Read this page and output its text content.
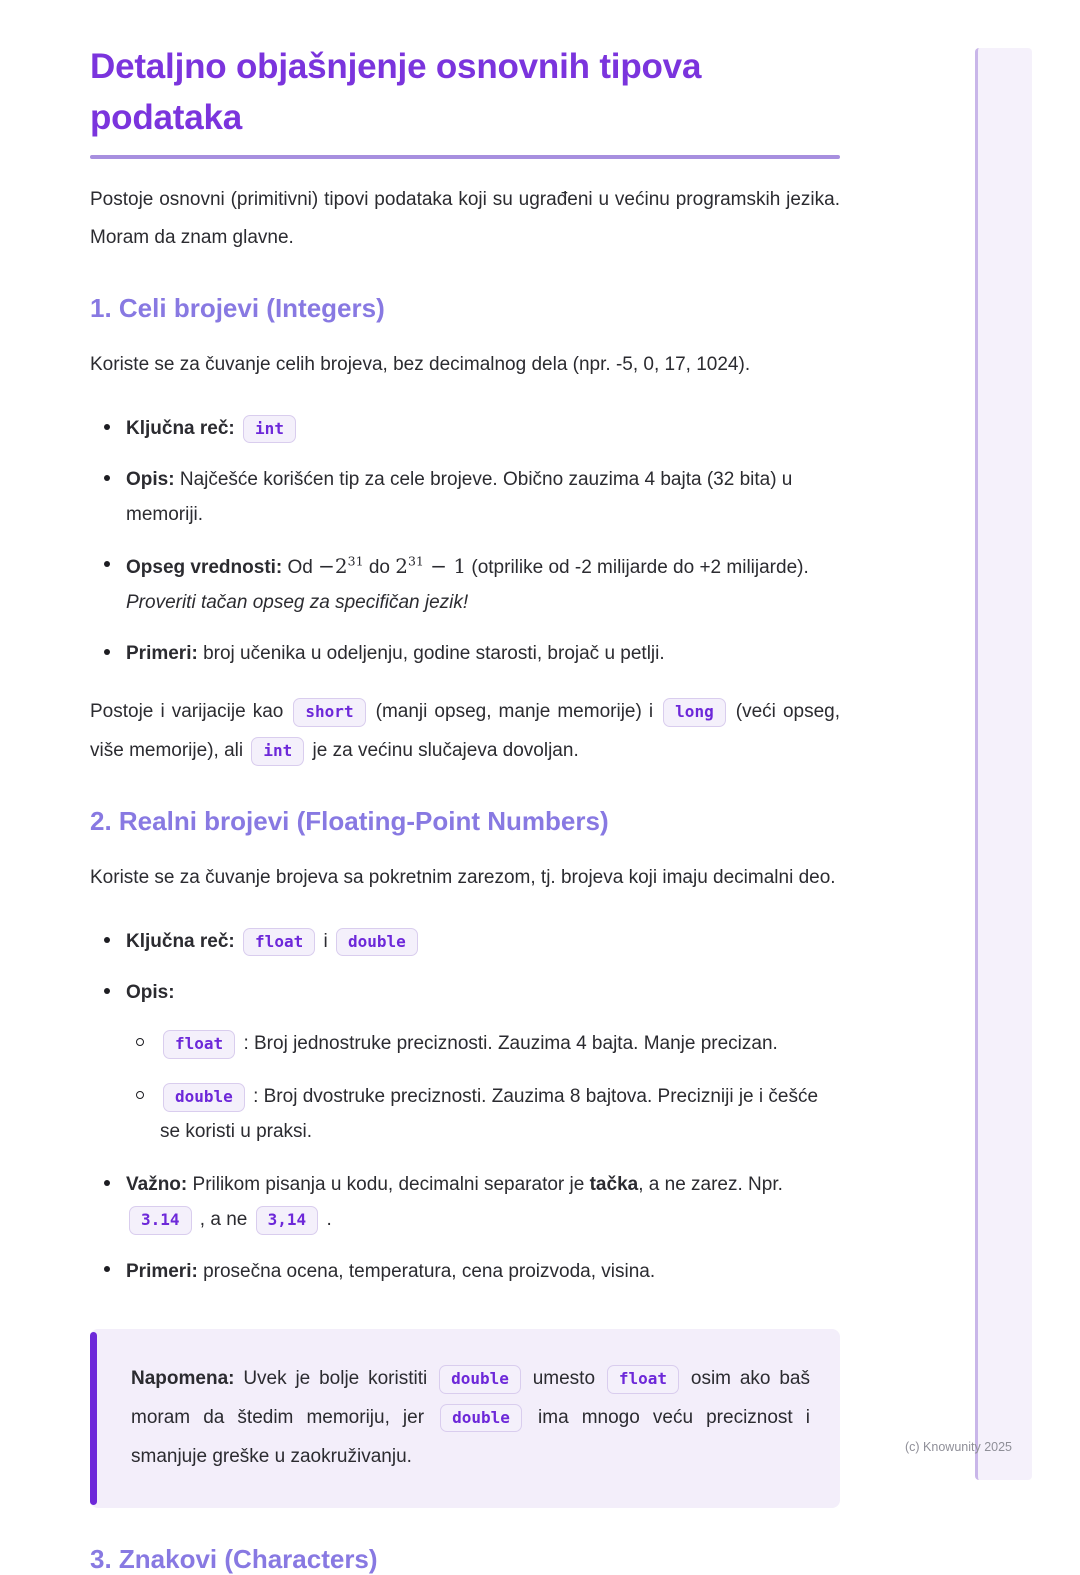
(c) Knowunity 2025
Detaljno objašnjenje osnovnih tipova podataka

Postoje osnovni (primitivni) tipovi podataka koji su ugrađeni u većinu programskih jezika. Moram da znam glavne.

1. Celi brojevi (Integers)

Koriste se za čuvanje celih brojeva, bez decimalnog dela (npr. -5, 0, 17, 1024).

Ključna reč: int
Opis: Najčešće korišćen tip za cele brojeve. Obično zauzima 4 bajta (32 bita) u memoriji.
Opseg vrednosti: $Od -2^{31}$ do $2^{31} - 1$ (otprilike od -2 milijarde do +2 milijarde). Proveriti tačan opseg za specifičan jezik!
Primeri: broj učenika u odeljenju, godine starosti, brojač u petlji.

Postoje i varijacije kao short (manji opseg, manje memorije) i long (veći opseg, više memorije), ali int je za većinu slučajeva dovoljan.

2. Realni brojevi (Floating-Point Numbers)

Koriste se za čuvanje brojeva sa pokretnim zarezom, tj. brojeva koji imaju decimalni deo.

Ključna reč: float i double
Opis:
float : Broj jednostruke preciznosti. Zauzima 4 bajta. Manje precizan.
double : Broj dvostruke preciznosti. Zauzima 8 bajtova. Precizniji je i češće se koristi u praksi.
Važno: Prilikom pisanja u kodu, decimalni separator je tačka, a ne zarez. Npr. 3.14 , a ne 3,14 .
Primeri: prosečna ocena, temperatura, cena proizvoda, visina.

Napomena: Uvek je bolje koristiti double umesto float osim ako baš moram da štedim memoriju, jer double ima mnogo veću preciznost i smanjuje greške u zaokruživanju.

3. Znakovi (Characters)
